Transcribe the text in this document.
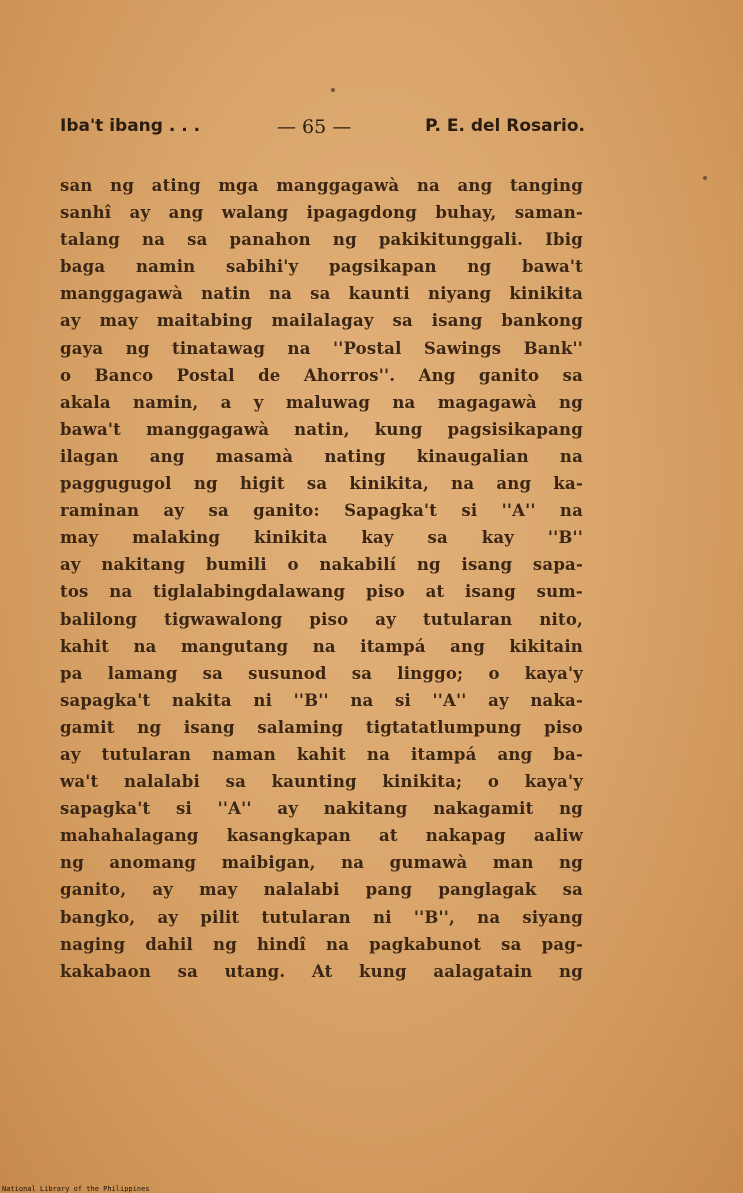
Iba't ibang . . .	— 65 —	P. E. del Rosario.
san ng ating mga manggagawà na ang tanging
sanhî ay ang walang ipagagdong buhay, saman-
talang na sa panahon ng pakikitunggali. Ibig
baga namin sabihi'y pagsikapan ng bawa't
manggagawà natin na sa kaunti niyang kinikita
ay may maitabing mailalagay sa isang bankong
gaya ng tinatawag na ''Postal Sawings Bank''
o Banco Postal de Ahorros''. Ang ganito sa
akala namin, a y maluwag na magagawà ng
bawa't manggagawà natin, kung pagsisikapang
ilagan ang masamà nating kinaugalian na
paggugugol ng higit sa kinikita, na ang ka-
raminan ay sa ganito: Sapagka't si ''A'' na
may malaking kinikita kay sa kay ''B''
ay nakitang bumili o nakabilí ng isang sapa-
tos na tiglalabingdalawang piso at isang sum-
balilong tigwawalong piso ay tutularan nito,
kahit na mangutang na itampá ang kikitain
pa lamang sa susunod sa linggo; o kaya'y
sapagka't nakita ni ''B'' na si ''A'' ay naka-
gamit ng isang salaming tigtatatlumpung piso
ay tutularan naman kahit na itampá ang ba-
wa't nalalabi sa kaunting kinikita; o kaya'y
sapagka't si ''A'' ay nakitang nakagamit ng
mahahalagang kasangkapan at nakapag aaliw
ng anomang maibigan, na gumawà man ng
ganito, ay may nalalabi pang panglagak sa
bangko, ay pilit tutularan ni ''B'', na siyang
naging dahil ng hindî na pagkabunot sa pag-
kakabaon sa utang. At kung aalagatain ng
National Library of the Philippines
